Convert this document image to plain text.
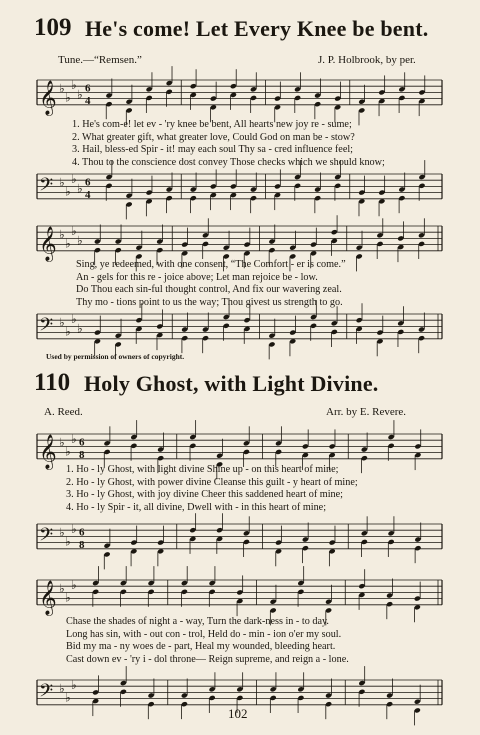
109 He's come! Let Every Knee be bent.
Tune.—“Remsen.”	J. P. Holbrook, by per.
𝄞 ♭
♭
♭
♭ 6
4
1. He's com-e! let ev - 'ry knee be bent, All hearts new joy re - sume;
2. What greater gift, what greater love, Could God on man be - stow?
3. Hail, bless-ed Spir - it! may each soul Thy sa - cred influence feel;
4. Thou to the conscience dost convey Those checks which we should know;
𝄢 ♭
♭
♭
♭ 6
4
𝄞 ♭
♭
♭
♭
Sing, ye redeemed, with one consent, “The Comfort - er is come.”
An - gels for this re - joice above; Let man rejoice be - low.
Do Thou each sin-ful thought control, And fix our wavering zeal.
Thy mo - tions point to us the way; Thou givest us strength to go.
𝄢 ♭
♭
♭
♭
Used by permission of owners of copyright.
110 Holy Ghost, with Light Divine.
A. Reed.	Arr. by E. Revere.
𝄞 ♭
♭
♭ 6
8
1. Ho - ly Ghost, with light divine Shine up - on this heart of mine;
2. Ho - ly Ghost, with power divine Cleanse this guilt - y heart of mine;
3. Ho - ly Ghost, with joy divine Cheer this saddened heart of mine;
4. Ho - ly Spir - it, all divine, Dwell with - in this heart of mine;
𝄢 ♭
♭
♭ 6
8
𝄞 ♭
♭
♭
Chase the shades of night a - way, Turn the dark-ness in - to day.
Long has sin, with - out con - trol, Held do - min - ion o'er my soul.
Bid my ma - ny woes de - part, Heal my wounded, bleeding heart.
Cast down ev - 'ry i - dol throne— Reign supreme, and reign a - lone.
𝄢 ♭
♭
♭
102
